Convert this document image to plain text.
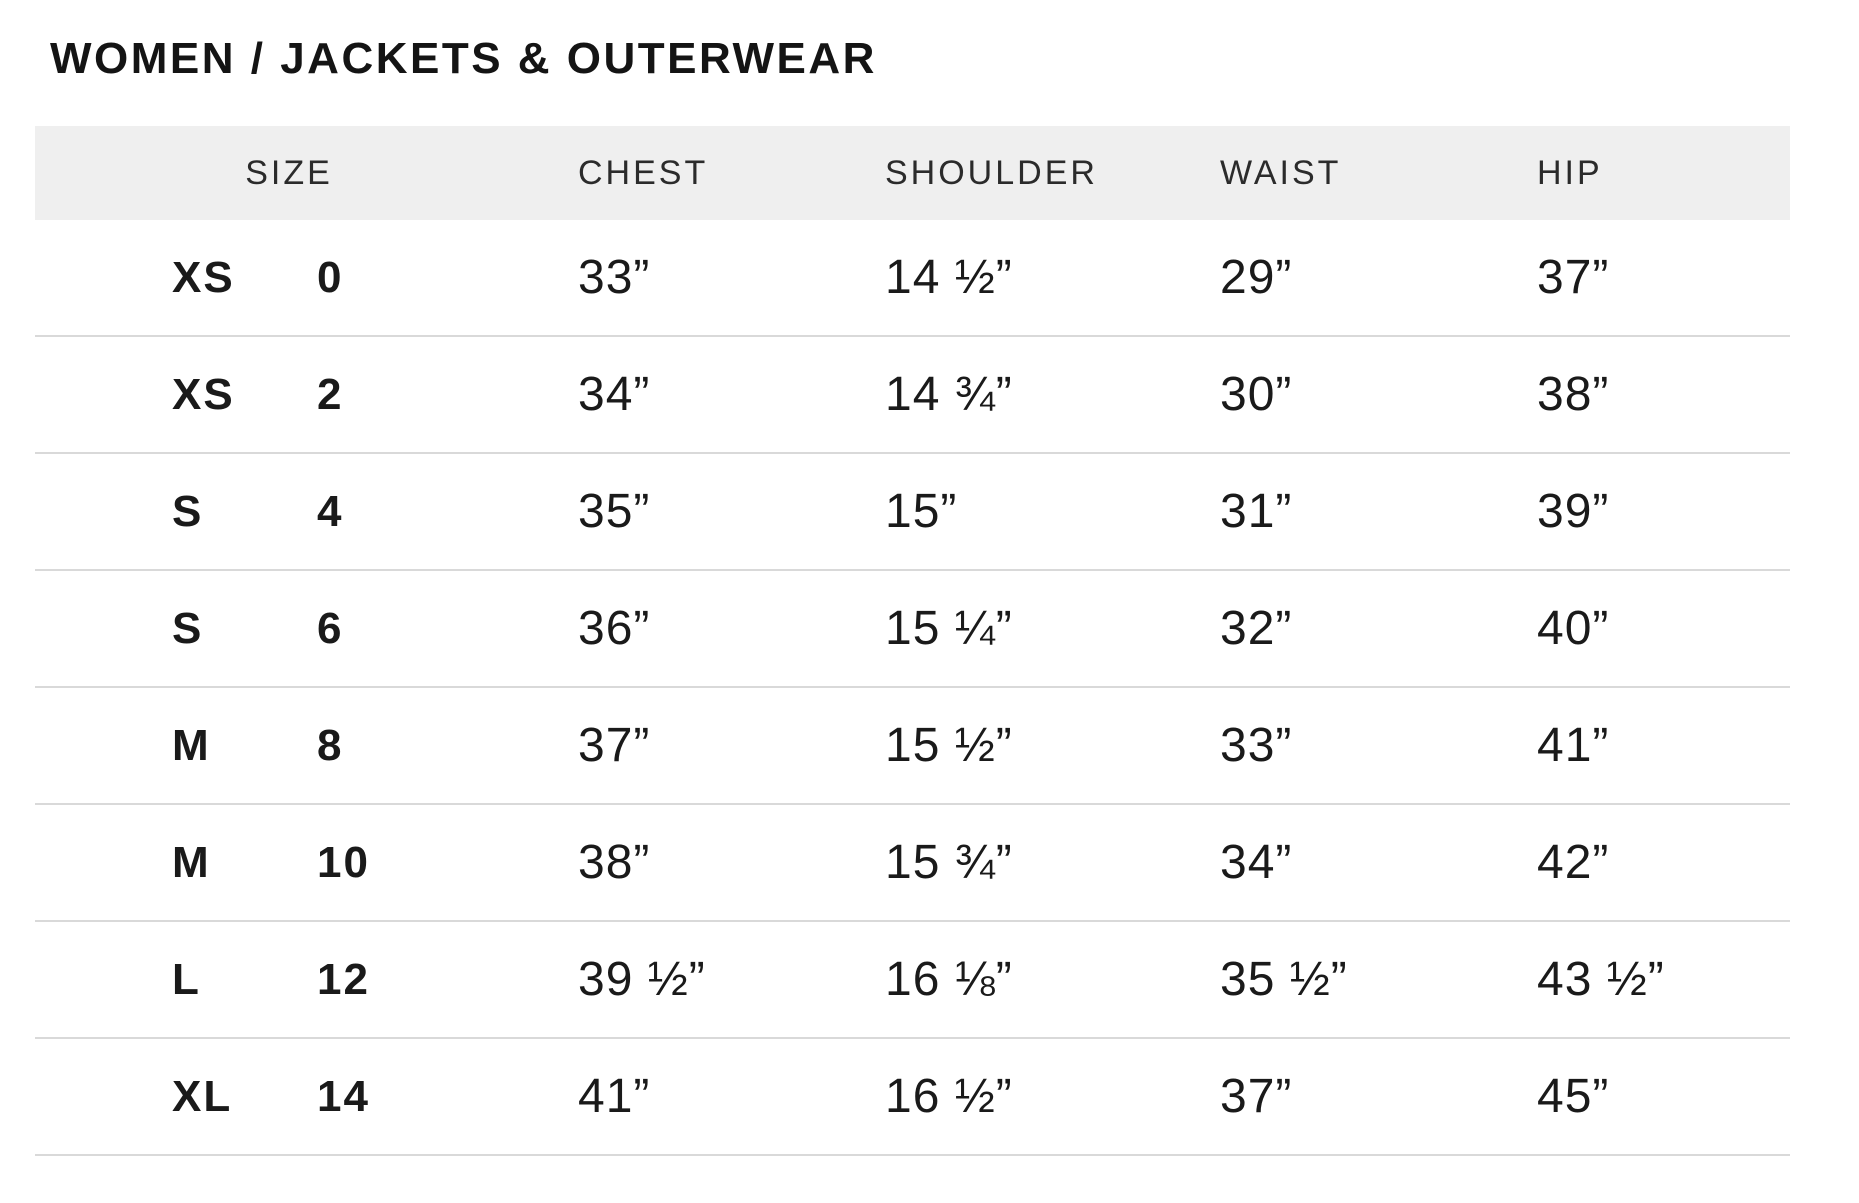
WOMEN / JACKETS & OUTERWEAR
SIZE	CHEST	SHOULDER	WAIST	HIP
XS	0	33”	14 ½”	29”	37”
XS	2	34”	14 ¾”	30”	38”
S	4	35”	15”	31”	39”
S	6	36”	15 ¼”	32”	40”
M	8	37”	15 ½”	33”	41”
M	10	38”	15 ¾”	34”	42”
L	12	39 ½”	16 ⅛”	35 ½”	43 ½”
XL	14	41”	16 ½”	37”	45”
